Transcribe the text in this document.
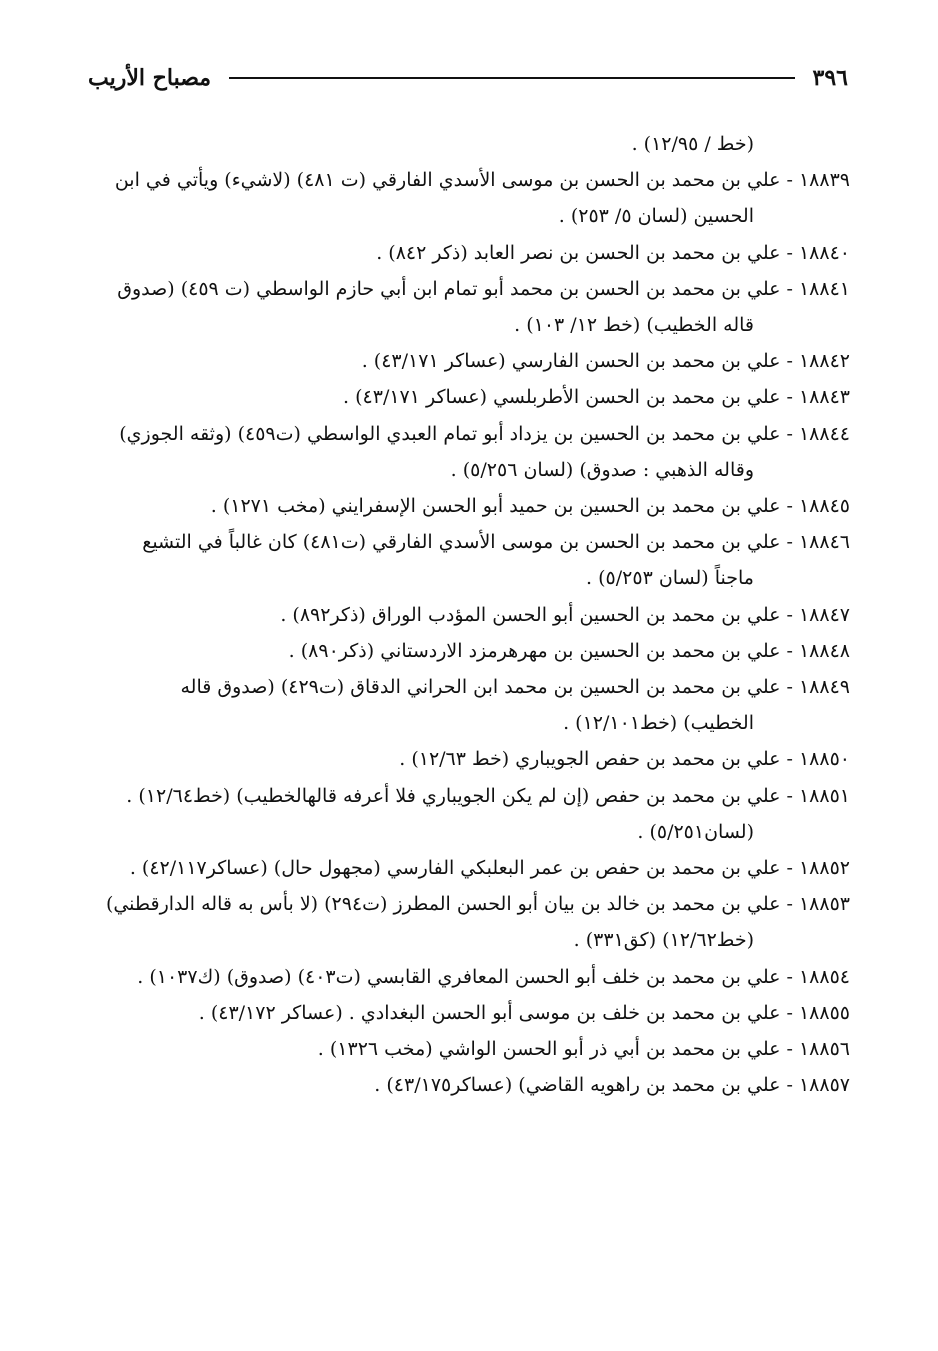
٣٩٦
مصباح الأريب
(خط / ١٢/٩٥) .
١٨٨٣٩ - علي بن محمد بن الحسن بن موسى الأسدي الفارقي (ت ٤٨١) (لاشيء) ويأتي في ابن
الحسين (لسان ٥/ ٢٥٣) .
١٨٨٤٠ - علي بن محمد بن الحسن بن نصر العابد (ذكر ٨٤٢) .
١٨٨٤١ - علي بن محمد بن الحسن بن محمد أبو تمام ابن أبي حازم الواسطي (ت ٤٥٩) (صدوق
قاله الخطيب) (خط ١٢/ ١٠٣) .
١٨٨٤٢ - علي بن محمد بن الحسن الفارسي (عساكر ٤٣/١٧١) .
١٨٨٤٣ - علي بن محمد بن الحسن الأطربلسي (عساكر ٤٣/١٧١) .
١٨٨٤٤ - علي بن محمد بن الحسين بن يزداد أبو تمام العبدي الواسطي (ت٤٥٩) (وثقه الجوزي)
وقاله الذهبي : صدوق) (لسان ٥/٢٥٦) .
١٨٨٤٥ - علي بن محمد بن الحسين بن حميد أبو الحسن الإسفرايني (مخب ١٢٧١) .
١٨٨٤٦ - علي بن محمد بن الحسن بن موسى الأسدي الفارقي (ت٤٨١) كان غالباً في التشيع
ماجناً (لسان ٥/٢٥٣) .
١٨٨٤٧ - علي بن محمد بن الحسين أبو الحسن المؤدب الوراق (ذكر٨٩٢) .
١٨٨٤٨ - علي بن محمد بن الحسين بن مهرهرمزد الاردستاني (ذكر٨٩٠) .
١٨٨٤٩ - علي بن محمد بن الحسين بن محمد ابن الحراني الدقاق (ت٤٢٩) (صدوق قاله
الخطيب) (خط١٢/١٠١) .
١٨٨٥٠ - علي بن محمد بن حفص الجويباري (خط ١٢/٦٣) .
١٨٨٥١ - علي بن محمد بن حفص (إن لم يكن الجويباري فلا أعرفه قالهالخطيب) (خط١٢/٦٤) .
(لسان٥/٢٥١) .
١٨٨٥٢ - علي بن محمد بن حفص بن عمر البعلبكي الفارسي (مجهول حال) (عساكر٤٢/١١٧) .
١٨٨٥٣ - علي بن محمد بن خالد بن بيان أبو الحسن المطرز (ت٢٩٤) (لا بأس به قاله الدارقطني)
(خط١٢/٦٢) (كق٣٣١) .
١٨٨٥٤ - علي بن محمد بن خلف أبو الحسن المعافري القابسي (ت٤٠٣) (صدوق) (ك١٠٣٧) .
١٨٨٥٥ - علي بن محمد بن خلف بن موسى أبو الحسن البغدادي . (عساكر ٤٣/١٧٢) .
١٨٨٥٦ - علي بن محمد بن أبي ذر أبو الحسن الواشي (مخب ١٣٢٦) .
١٨٨٥٧ - علي بن محمد بن راهويه القاضي) (عساكر٤٣/١٧٥) .
